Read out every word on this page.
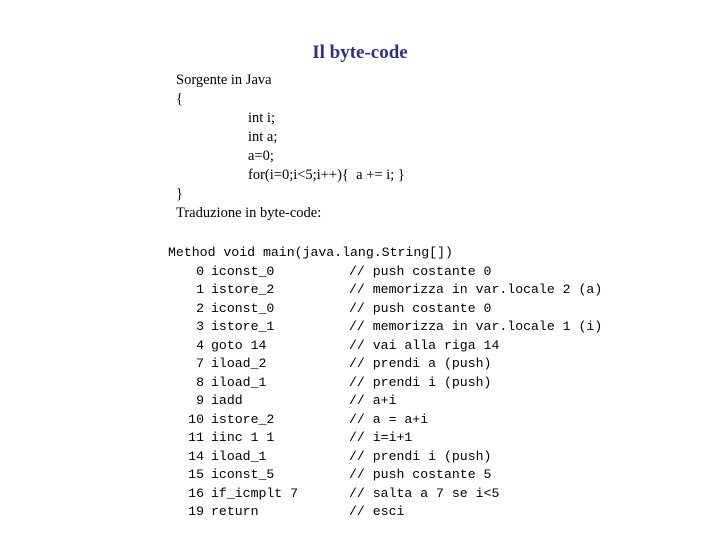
Il byte-code
Sorgente in Java
{
int i;
int a;
a=0;
for(i=0;i<5;i++){  a += i; }
}
Traduzione in byte-code:
Method void main(java.lang.String[])
0 iconst_0	// push costante 0
1 istore_2	// memorizza in var.locale 2 (a)
2 iconst_0	// push costante 0
3 istore_1	// memorizza in var.locale 1 (i)
4 goto 14	// vai alla riga 14
7 iload_2	// prendi a (push)
8 iload_1	// prendi i (push)
9 iadd	// a+i
10 istore_2	// a = a+i
11 iinc 1 1	// i=i+1
14 iload_1	// prendi i (push)
15 iconst_5	// push costante 5
16 if_icmplt 7	// salta a 7 se i<5
19 return	// esci
